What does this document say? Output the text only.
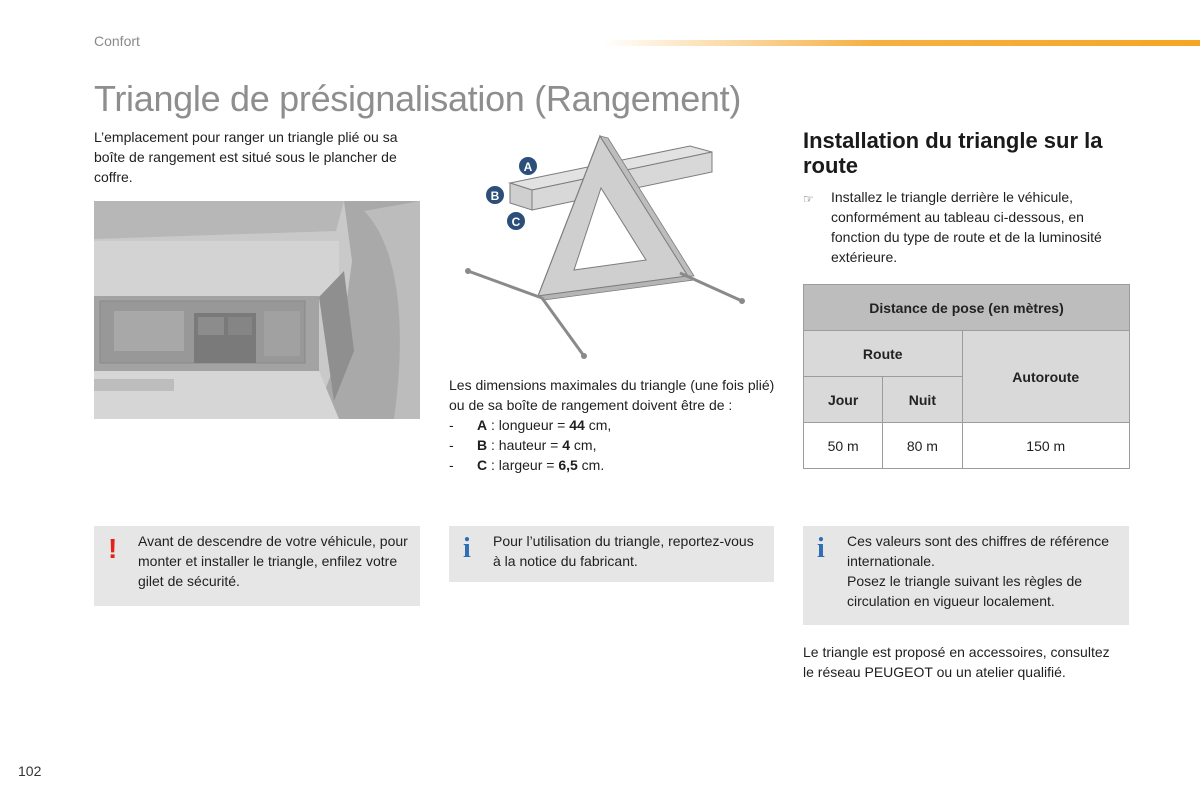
Confort
Triangle de présignalisation (Rangement)
L’emplacement pour ranger un triangle plié ou sa boîte de rangement est situé sous le plancher de coffre.
A
B
C
Les dimensions maximales du triangle (une fois plié) ou de sa boîte de rangement doivent être de :
-	A : longueur = 44 cm,
-	B : hauteur = 4 cm,
-	C : largeur = 6,5 cm.
Installation du triangle sur la route
☞	Installez le triangle derrière le véhicule, conformément au tableau ci-dessous, en fonction du type de route et de la luminosité extérieure.
Distance de pose (en mètres)		
Route		Autoroute
Jour	Nuit	
50 m	80 m	150 m
! Avant de descendre de votre véhicule, pour monter et installer le triangle, enfilez votre gilet de sécurité.
i Pour l’utilisation du triangle, reportez-vous à la notice du fabricant.	i Ces valeurs sont des chiffres de référence internationale.
Posez le triangle suivant les règles de circulation en vigueur localement.
Le triangle est proposé en accessoires, consultez le réseau PEUGEOT ou un atelier qualifié.
102
